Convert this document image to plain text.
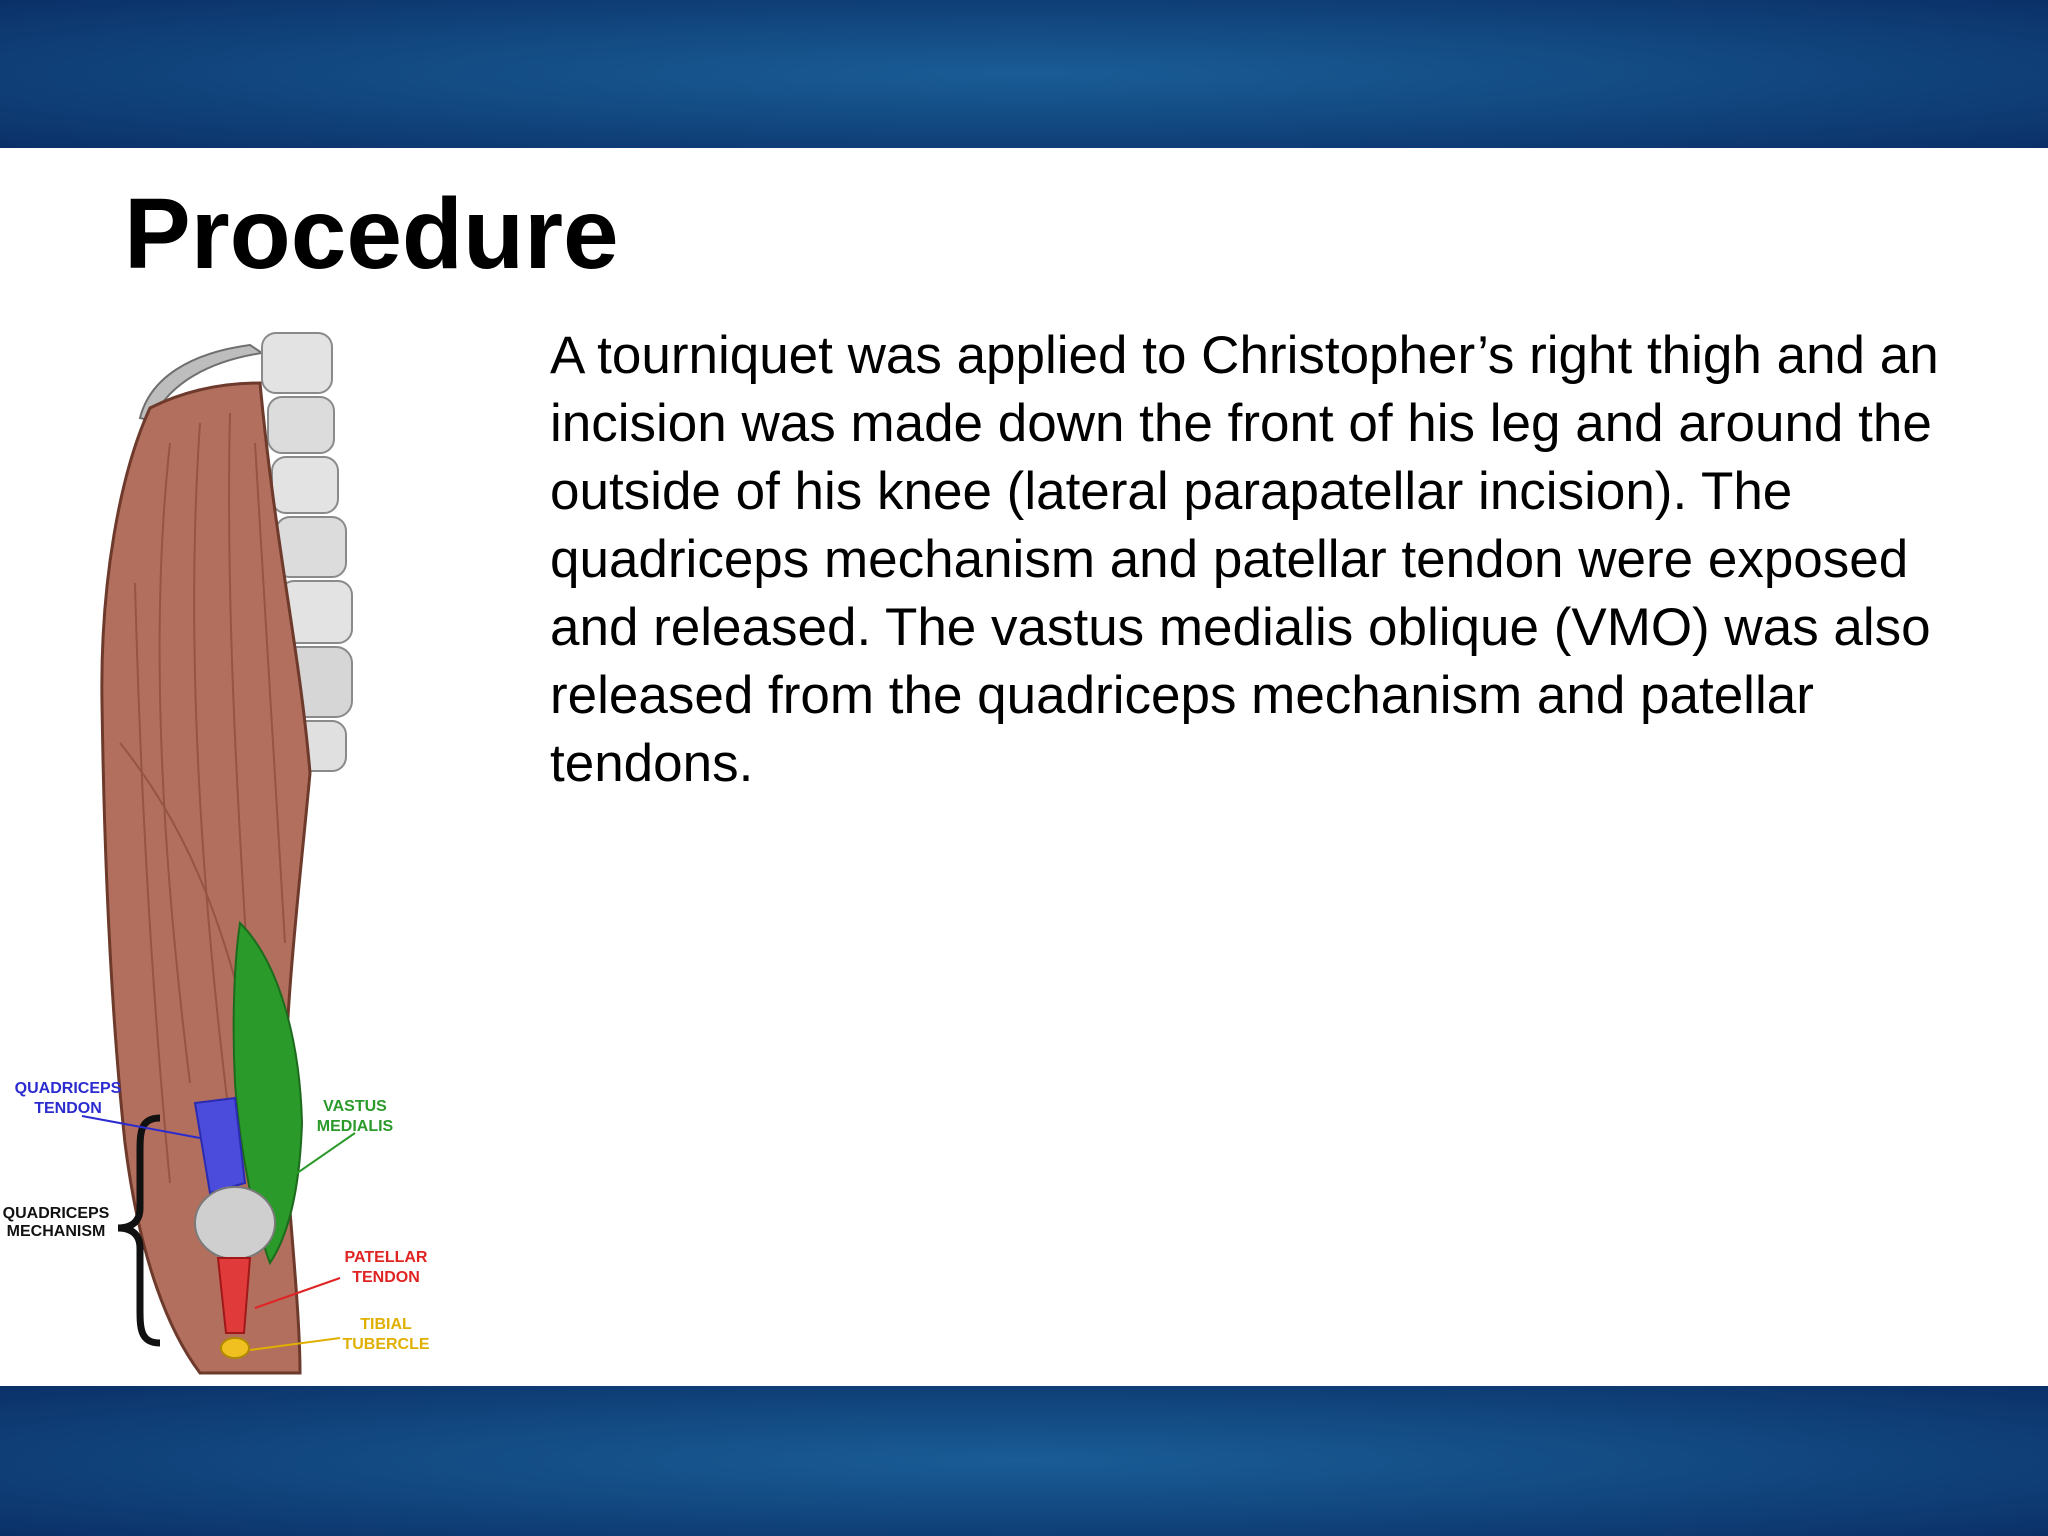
Procedure

A tourniquet was applied to Christopher’s right thigh and an incision was made down the front of his leg and around the outside of his knee (lateral parapatellar incision). The quadriceps mechanism and patellar tendon were exposed and released. The vastus medialis oblique (VMO) was also released from the quadriceps mechanism and patellar tendons.

QUADRICEPS
TENDON	VASTUS
MEDIALIS
QUADRICEPS
MECHANISM
PATELLAR
TENDON
TIBIAL
TUBERCLE
